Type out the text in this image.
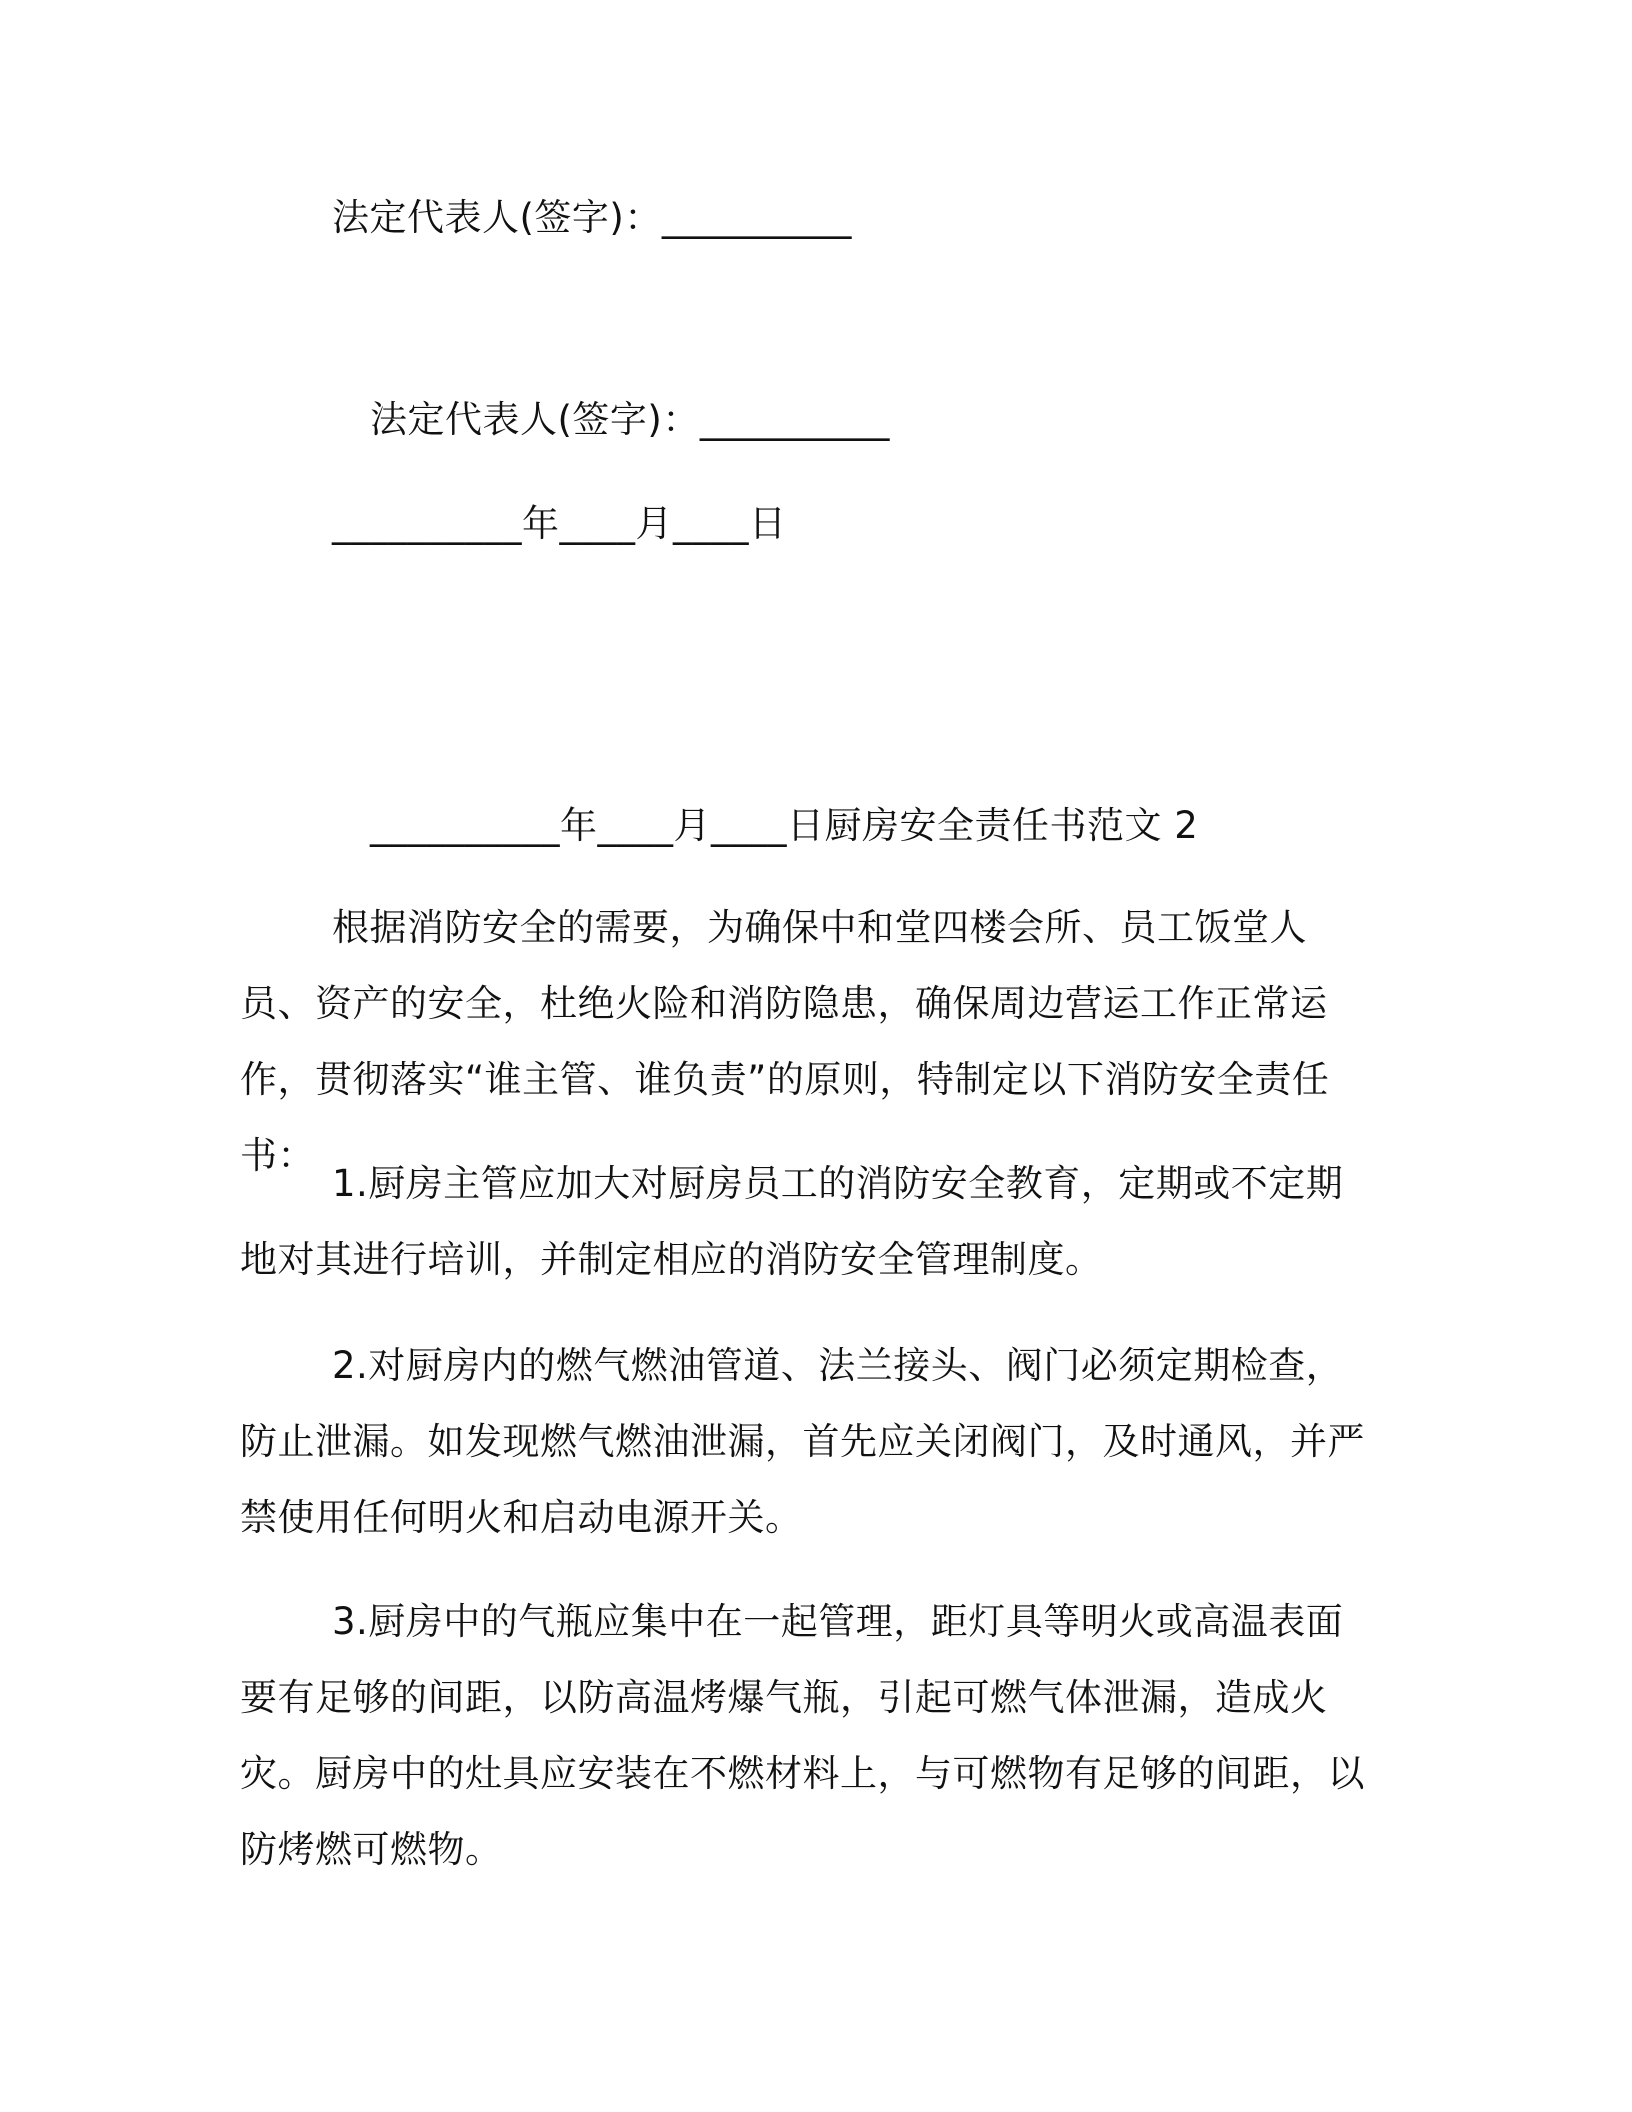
法定代表人(签字)：__________
法定代表人(签字)：__________
__________年____月____日
__________年____月____日厨房安全责任书范文 2

根据消防安全的需要，为确保中和堂四楼会所、员工饭堂人员、资产的安全，杜绝火险和消防隐患，确保周边营运工作正常运作，贯彻落实“谁主管、谁负责”的原则，特制定以下消防安全责任书：

1.厨房主管应加大对厨房员工的消防安全教育，定期或不定期地对其进行培训，并制定相应的消防安全管理制度。

2.对厨房内的燃气燃油管道、法兰接头、阀门必须定期检查，防止泄漏。如发现燃气燃油泄漏，首先应关闭阀门，及时通风，并严禁使用任何明火和启动电源开关。

3.厨房中的气瓶应集中在一起管理，距灯具等明火或高温表面要有足够的间距，以防高温烤爆气瓶，引起可燃气体泄漏，造成火灾。厨房中的灶具应安装在不燃材料上，与可燃物有足够的间距，以防烤燃可燃物。
